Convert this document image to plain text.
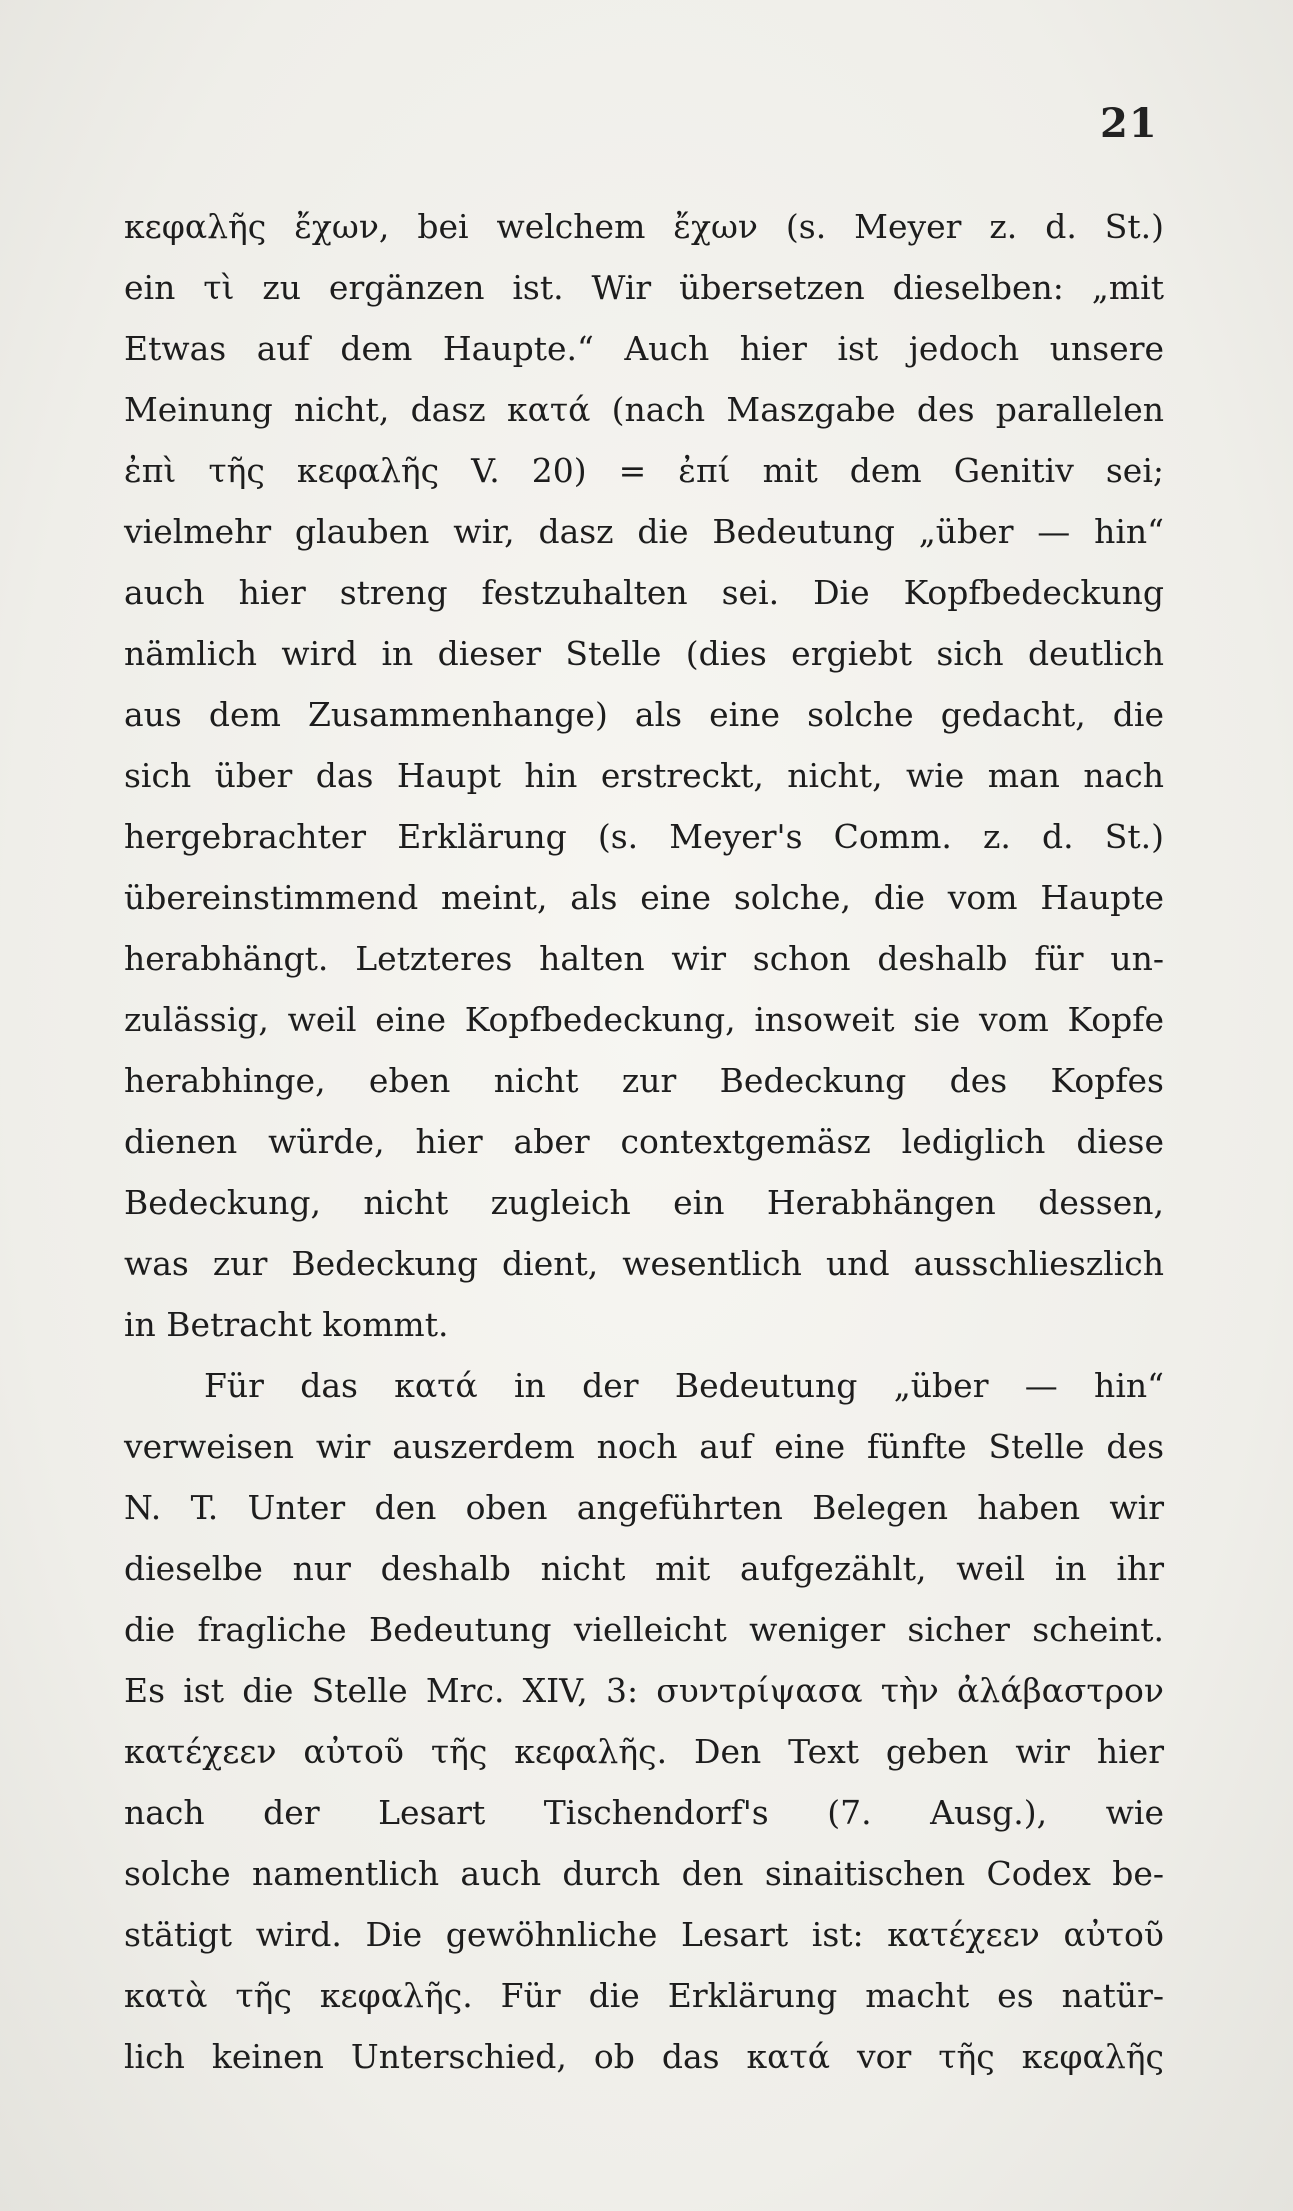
21
κεφαλῆς ἔχων, bei welchem ἔχων (s. Meyer z. d. St.)
ein τὶ zu ergänzen ist. Wir übersetzen dieselben: „mit
Etwas auf dem Haupte.“ Auch hier ist jedoch unsere
Meinung nicht, dasz κατά (nach Maszgabe des parallelen
ἐπὶ τῆς κεφαλῆς V. 20) = ἐπί mit dem Genitiv sei;
vielmehr glauben wir, dasz die Bedeutung „über — hin“
auch hier streng festzuhalten sei. Die Kopfbedeckung
nämlich wird in dieser Stelle (dies ergiebt sich deutlich
aus dem Zusammenhange) als eine solche gedacht, die
sich über das Haupt hin erstreckt, nicht, wie man nach
hergebrachter Erklärung (s. Meyer's Comm. z. d. St.)
übereinstimmend meint, als eine solche, die vom Haupte
herabhängt. Letzteres halten wir schon deshalb für un-
zulässig, weil eine Kopfbedeckung, insoweit sie vom Kopfe
herabhinge, eben nicht zur Bedeckung des Kopfes
dienen würde, hier aber contextgemäsz lediglich diese
Bedeckung, nicht zugleich ein Herabhängen dessen,
was zur Bedeckung dient, wesentlich und ausschlieszlich
in Betracht kommt.
Für das κατά in der Bedeutung „über — hin“
verweisen wir auszerdem noch auf eine fünfte Stelle des
N. T. Unter den oben angeführten Belegen haben wir
dieselbe nur deshalb nicht mit aufgezählt, weil in ihr
die fragliche Bedeutung vielleicht weniger sicher scheint.
Es ist die Stelle Mrc. XIV, 3: συντρίψασα τὴν ἀλάβαστρον
κατέχεεν αὐτοῦ τῆς κεφαλῆς. Den Text geben wir hier
nach der Lesart Tischendorf's (7. Ausg.), wie
solche namentlich auch durch den sinaitischen Codex be-
stätigt wird. Die gewöhnliche Lesart ist: κατέχεεν αὐτοῦ
κατὰ τῆς κεφαλῆς. Für die Erklärung macht es natür-
lich keinen Unterschied, ob das κατά vor τῆς κεφαλῆς
